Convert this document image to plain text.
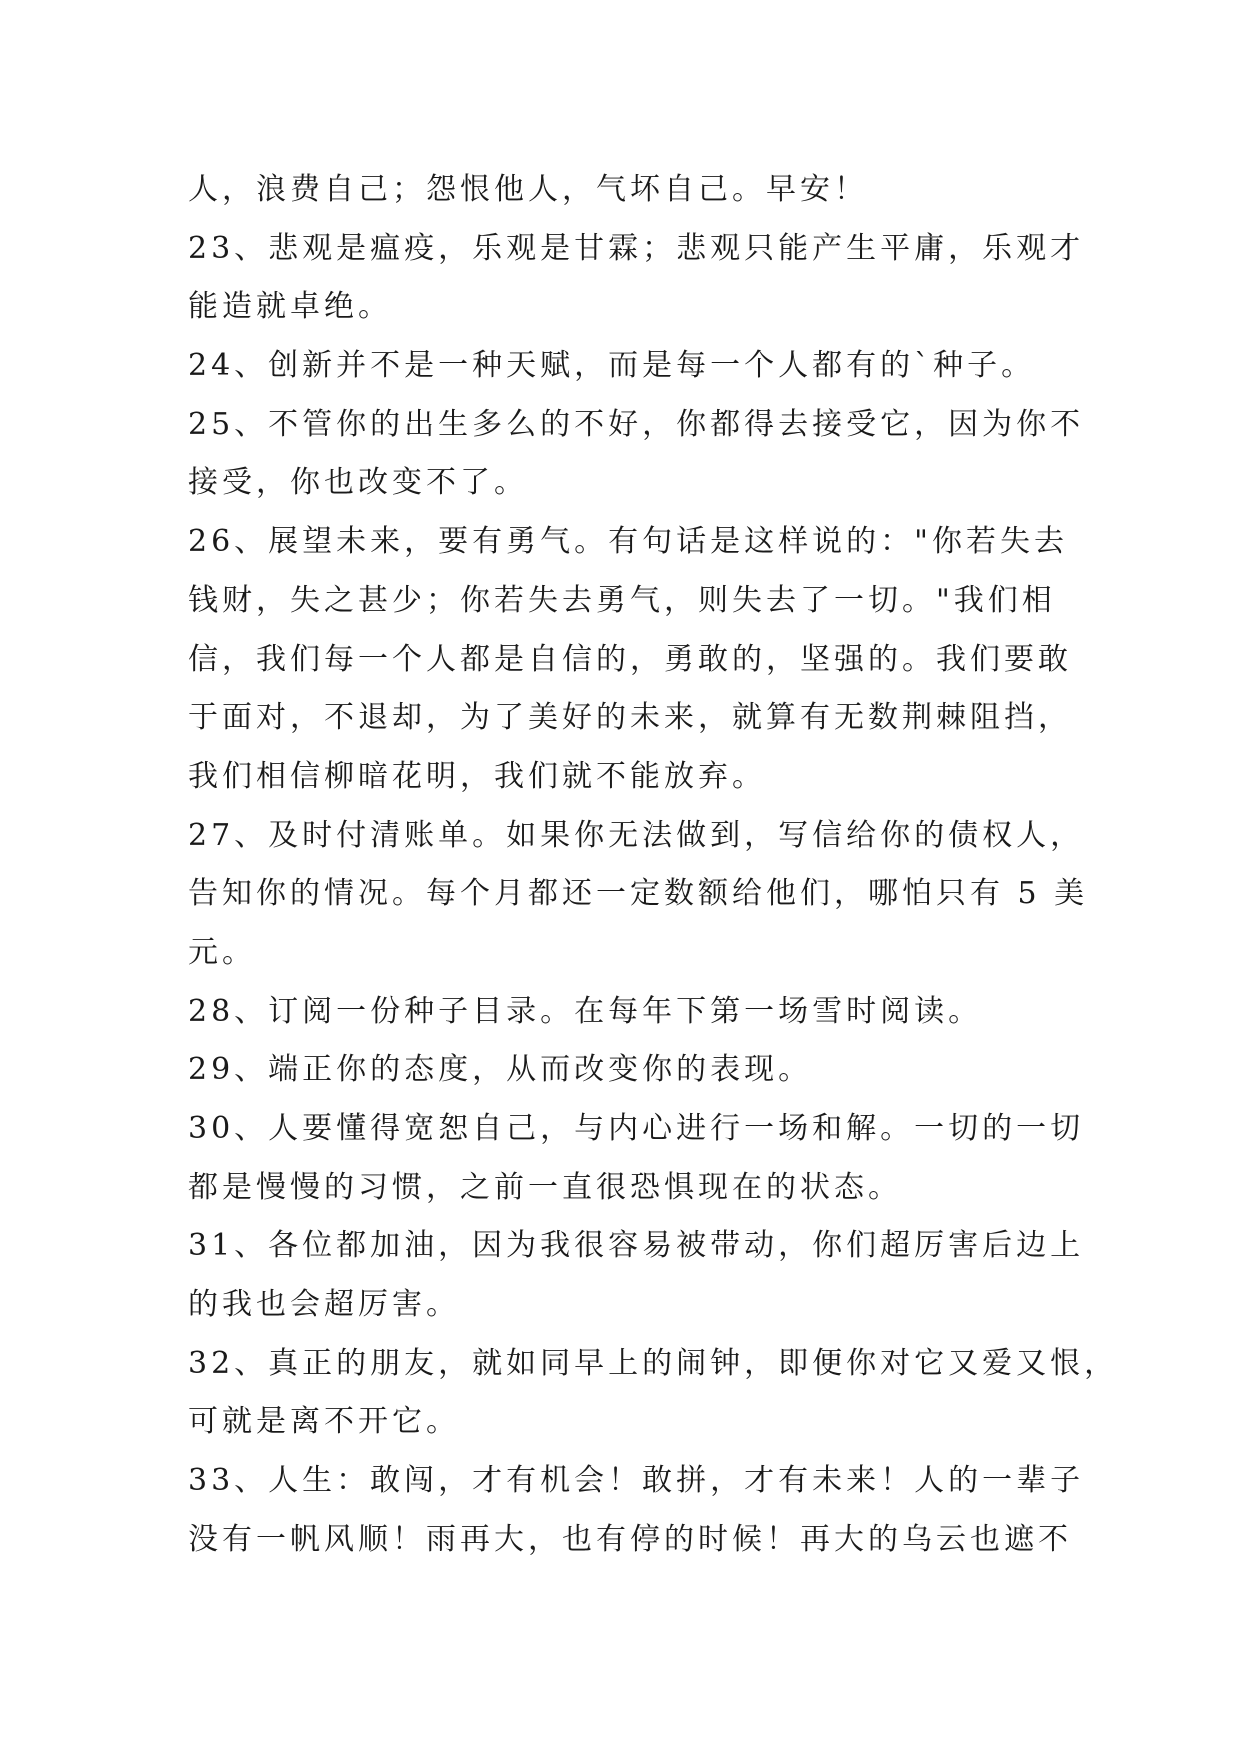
人，浪费自己；怨恨他人，气坏自己。早安！
23、悲观是瘟疫，乐观是甘霖；悲观只能产生平庸，乐观才
能造就卓绝。
24、创新并不是一种天赋，而是每一个人都有的`种子。
25、不管你的出生多么的不好，你都得去接受它，因为你不
接受，你也改变不了。
26、展望未来，要有勇气。有句话是这样说的："你若失去
钱财，失之甚少；你若失去勇气，则失去了一切。"我们相
信，我们每一个人都是自信的，勇敢的，坚强的。我们要敢
于面对，不退却，为了美好的未来，就算有无数荆棘阻挡，
我们相信柳暗花明，我们就不能放弃。
27、及时付清账单。如果你无法做到，写信给你的债权人，
告知你的情况。每个月都还一定数额给他们，哪怕只有 5 美
元。
28、订阅一份种子目录。在每年下第一场雪时阅读。
29、端正你的态度，从而改变你的表现。
30、人要懂得宽恕自己，与内心进行一场和解。一切的一切
都是慢慢的习惯，之前一直很恐惧现在的状态。
31、各位都加油，因为我很容易被带动，你们超厉害后边上
的我也会超厉害。
32、真正的朋友，就如同早上的闹钟，即便你对它又爱又恨，
可就是离不开它。
33、人生：敢闯，才有机会！敢拼，才有未来！人的一辈子
没有一帆风顺！雨再大，也有停的时候！再大的乌云也遮不
